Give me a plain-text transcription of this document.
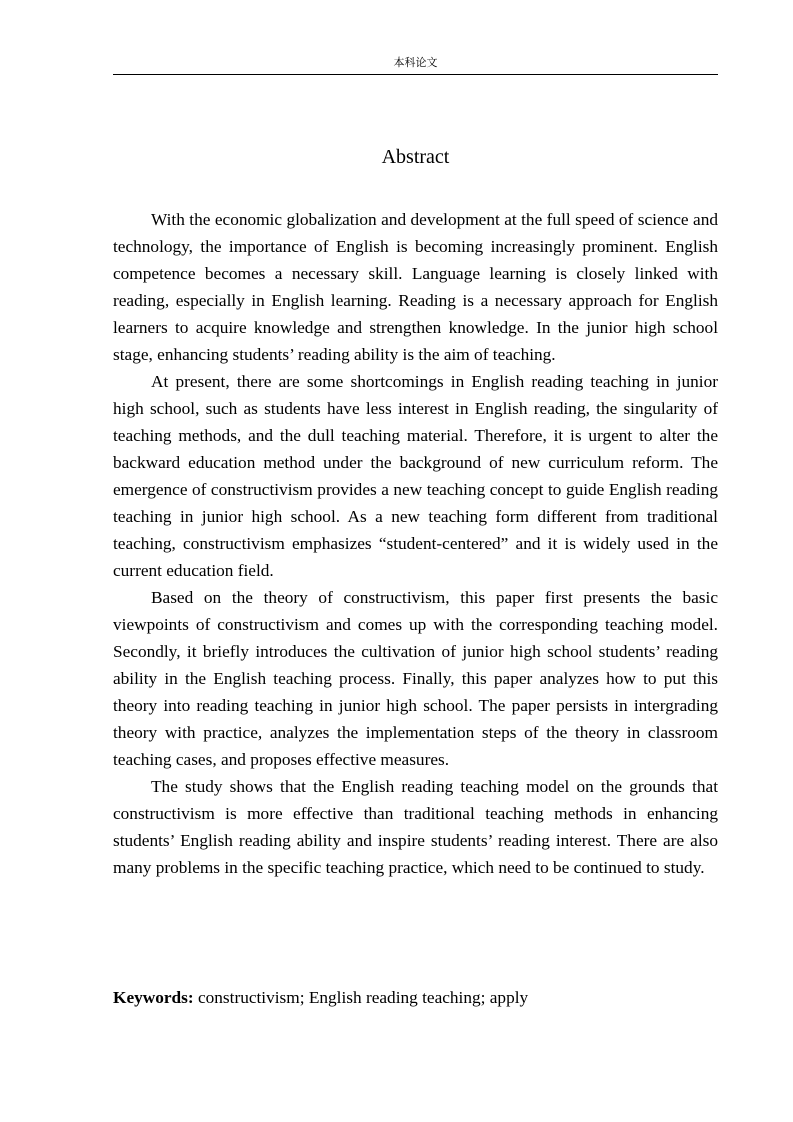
本科论文
Abstract

With the economic globalization and development at the full speed of science and technology, the importance of English is becoming increasingly prominent. English competence becomes a necessary skill. Language learning is closely linked with reading, especially in English learning. Reading is a necessary approach for English learners to acquire knowledge and strengthen knowledge. In the junior high school stage, enhancing students’ reading ability is the aim of teaching.

At present, there are some shortcomings in English reading teaching in junior high school, such as students have less interest in English reading, the singularity of teaching methods, and the dull teaching material. Therefore, it is urgent to alter the backward education method under the background of new curriculum reform. The emergence of constructivism provides a new teaching concept to guide English reading teaching in junior high school. As a new teaching form different from traditional teaching, constructivism emphasizes “student-centered” and it is widely used in the current education field.

Based on the theory of constructivism, this paper first presents the basic viewpoints of constructivism and comes up with the corresponding teaching model. Secondly, it briefly introduces the cultivation of junior high school students’ reading ability in the English teaching process. Finally, this paper analyzes how to put this theory into reading teaching in junior high school. The paper persists in intergrading theory with practice, analyzes the implementation steps of the theory in classroom teaching cases, and proposes effective measures.

The study shows that the English reading teaching model on the grounds that constructivism is more effective than traditional teaching methods in enhancing students’ English reading ability and inspire students’ reading interest. There are also many problems in the specific teaching practice, which need to be continued to study.

Keywords: constructivism; English reading teaching; apply
